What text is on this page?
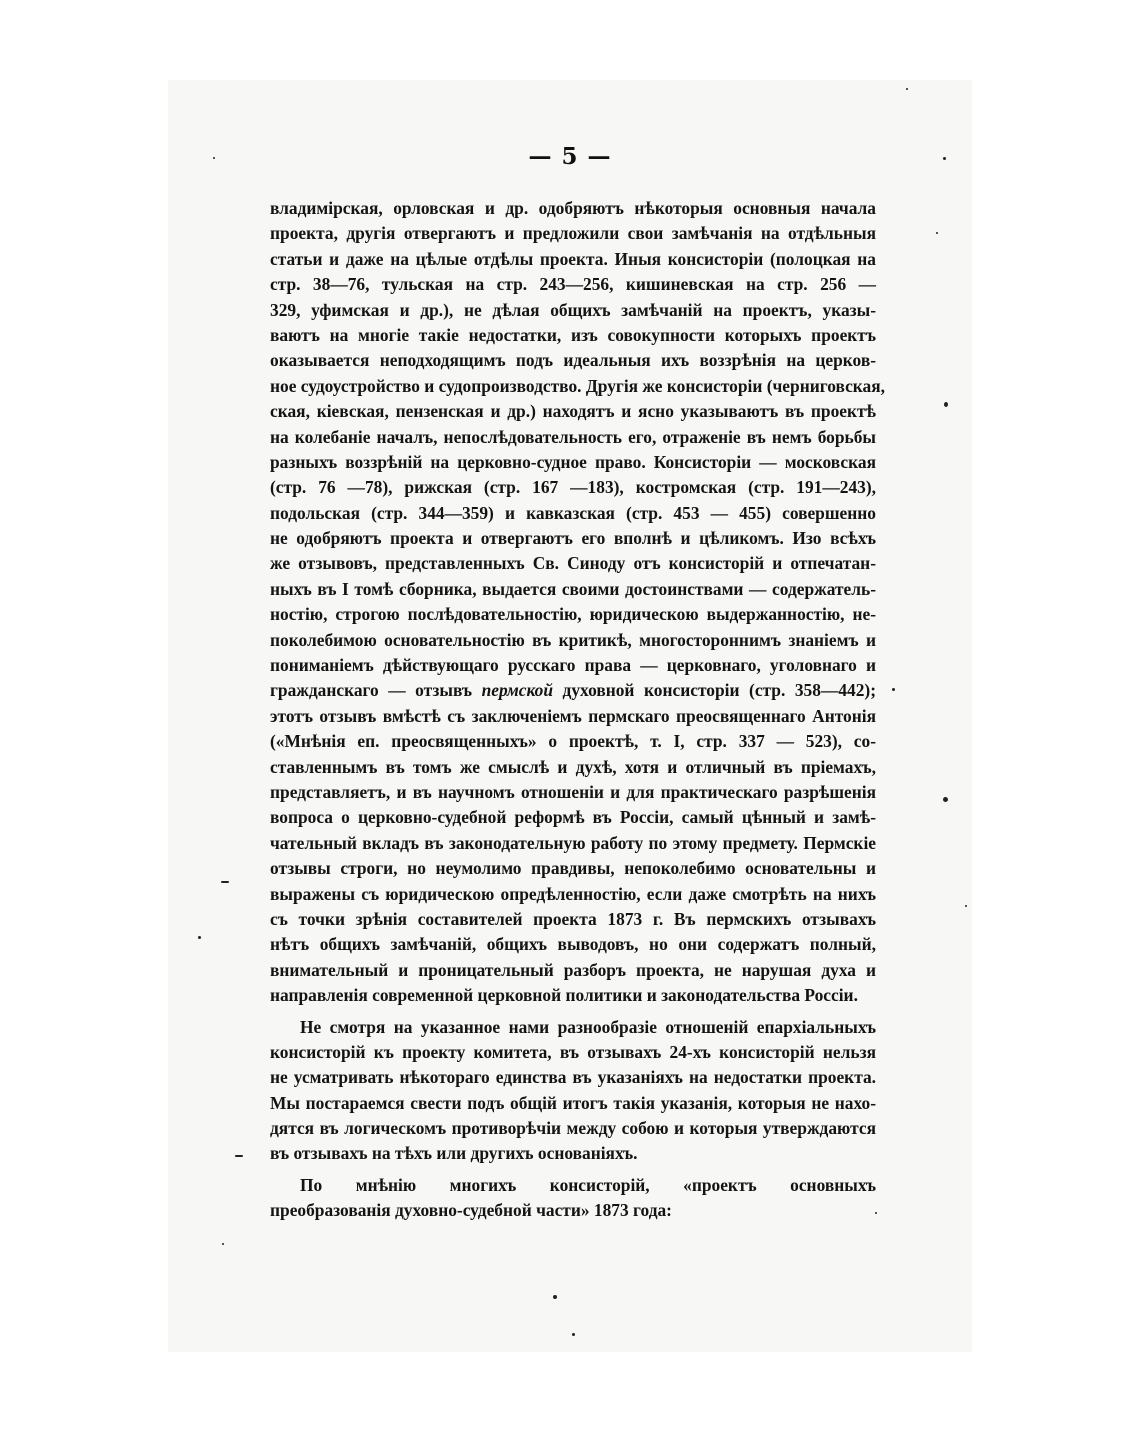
— 5 —
владимірская, орловская и др. одобряютъ нѣкоторыя основныя начала
проекта, другія отвергаютъ и предложили свои замѣчанія на отдѣльныя
статьи и даже на цѣлые отдѣлы проекта. Иныя консисторіи (полоцкая на
стр. 38—76, тульская на стр. 243—256, кишиневская на стр. 256 —
329, уфимская и др.), не дѣлая общихъ замѣчаній на проектъ, указы-
ваютъ на многіе такіе недостатки, изъ совокупности которыхъ проектъ
оказывается неподходящимъ подъ идеальныя ихъ воззрѣнія на церков-
ное судоустройство и судопроизводство. Другія же консисторіи (черниговская,
ская, кіевская, пензенская и др.) находятъ и ясно указываютъ въ проектѣ
на колебаніе началъ, непослѣдовательность его, отраженіе въ немъ борьбы
разныхъ воззрѣній на церковно-судное право. Консисторіи — московская
(стр. 76 —78), рижская (стр. 167 —183), костромская (стр. 191—243),
подольская (стр. 344—359) и кавказская (стр. 453 — 455) совершенно
не одобряютъ проекта и отвергаютъ его вполнѣ и цѣликомъ. Изо всѣхъ
же отзывовъ, представленныхъ Св. Синоду отъ консисторій и отпечатан-
ныхъ въ I томѣ сборника, выдается своими достоинствами — содержатель-
ностію, строгою послѣдовательностію, юридическою выдержанностію, не-
поколебимою основательностію въ критикѣ, многостороннимъ знаніемъ и
пониманіемъ дѣйствующаго русскаго права — церковнаго, уголовнаго и
гражданскаго — отзывъ пермской духовной консисторіи (стр. 358—442);
этотъ отзывъ вмѣстѣ съ заключеніемъ пермскаго преосвященнаго Антонія
(«Мнѣнія еп. преосвященныхъ» о проектѣ, т. I, стр. 337 — 523), со-
ставленнымъ въ томъ же смыслѣ и духѣ, хотя и отличный въ пріемахъ,
представляетъ, и въ научномъ отношеніи и для практическаго разрѣшенія
вопроса о церковно-судебной реформѣ въ Россіи, самый цѣнный и замѣ-
чательный вкладъ въ законодательную работу по этому предмету. Пермскіе
отзывы строги, но неумолимо правдивы, непоколебимо основательны и
выражены съ юридическою опредѣленностію, если даже смотрѣть на нихъ
съ точки зрѣнія составителей проекта 1873 г. Въ пермскихъ отзывахъ
нѣтъ общихъ замѣчаній, общихъ выводовъ, но они содержатъ полный,
внимательный и проницательный разборъ проекта, не нарушая духа и
направленія современной церковной политики и законодательства Россіи.
Не смотря на указанное нами разнообразіе отношеній епархіальныхъ
консисторій къ проекту комитета, въ отзывахъ 24-хъ консисторій нельзя
не усматривать нѣкотораго единства въ указаніяхъ на недостатки проекта.
Мы постараемся свести подъ общій итогъ такія указанія, которыя не нахо-
дятся въ логическомъ противорѣчіи между собою и которыя утверждаются
въ отзывахъ на тѣхъ или другихъ основаніяхъ.
По мнѣнію многихъ консисторій, «проектъ основныхъ
преобразованія духовно-судебной части» 1873 года:
